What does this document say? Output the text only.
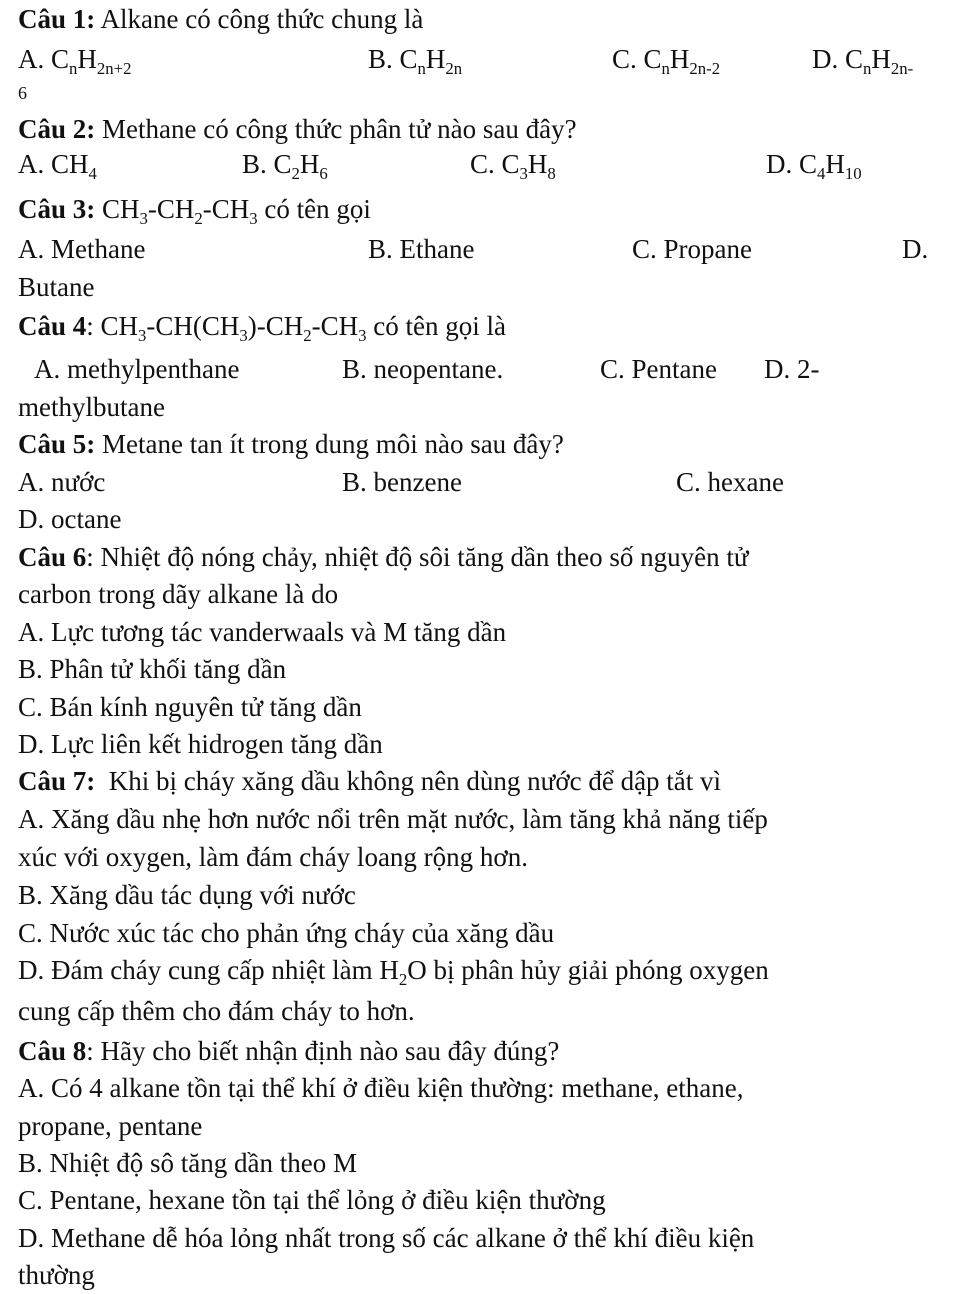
Câu 1: Alkane có công thức chung là
A. $C_nH_{2n+2}$	B. $C_nH_{2n}$	C. $C_nH_{2n-2}$	D. $C_nH_{2n-}$
6
Câu 2: Methane có công thức phân tử nào sau đây?
A. $CH_4$	B. $C_2H_6$	C. $C_3H_8$	D. $C_4H_{10}$
Câu 3: $CH_3-CH_2-CH_3$ có tên gọi
A. Methane	B. Ethane	C. Propane	D.
Butane
Câu 4: $CH_3-CH(CH_3)-CH_2-CH_3$ có tên gọi là
A. methylpenthane	B. neopentane.	C. Pentane D. 2-
methylbutane
Câu 5: Metane tan ít trong dung môi nào sau đây?
A. nước	B. benzene	C. hexane
D. octane
Câu 6: Nhiệt độ nóng chảy, nhiệt độ sôi tăng dần theo số nguyên tử
carbon trong dãy alkane là do
A. Lực tương tác vanderwaals và M tăng dần
B. Phân tử khối tăng dần
C. Bán kính nguyên tử tăng dần
D. Lực liên kết hidrogen tăng dần
Câu 7: Khi bị cháy xăng dầu không nên dùng nước để dập tắt vì
A. Xăng dầu nhẹ hơn nước nổi trên mặt nước, làm tăng khả năng tiếp
xúc với oxygen, làm đám cháy loang rộng hơn.
B. Xăng dầu tác dụng với nước
C. Nước xúc tác cho phản ứng cháy của xăng dầu
D. Đám cháy cung cấp nhiệt làm $H_2O$ bị phân hủy giải phóng oxygen
cung cấp thêm cho đám cháy to hơn.
Câu 8: Hãy cho biết nhận định nào sau đây đúng?
A. Có 4 alkane tồn tại thể khí ở điều kiện thường: methane, ethane,
propane, pentane
B. Nhiệt độ sô tăng dần theo M
C. Pentane, hexane tồn tại thể lỏng ở điều kiện thường
D. Methane dễ hóa lỏng nhất trong số các alkane ở thể khí điều kiện
thường
